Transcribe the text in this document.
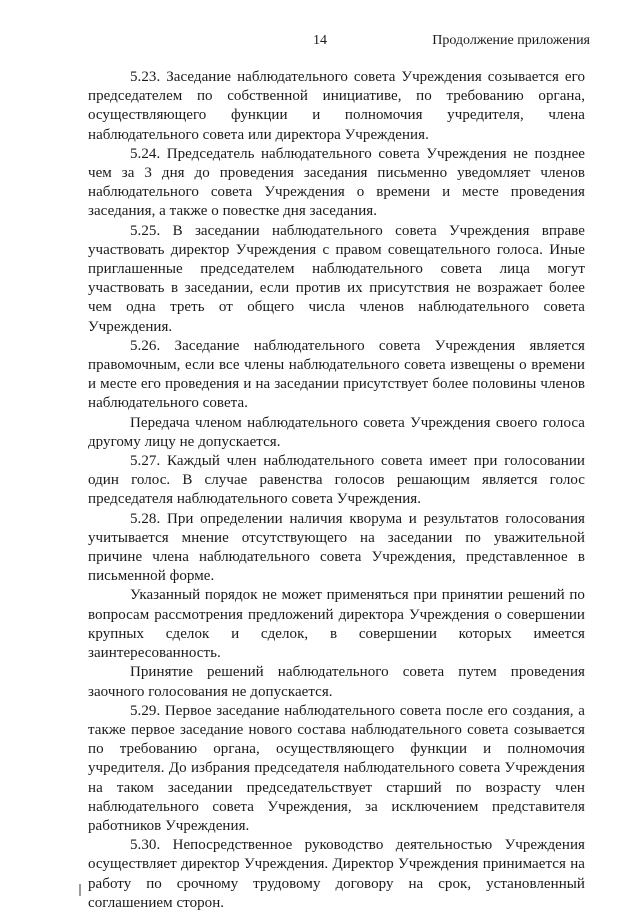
14	Продолжение приложения

5.23. Заседание наблюдательного совета Учреждения созывается его председателем по собственной инициативе, по требованию органа, осуществляющего функции и полномочия учредителя, члена наблюдательного совета или директора Учреждения.

5.24. Председатель наблюдательного совета Учреждения не позднее чем за 3 дня до проведения заседания письменно уведомляет членов наблюдательного совета Учреждения о времени и месте проведения заседания, а также о повестке дня заседания.

5.25. В заседании наблюдательного совета Учреждения вправе участвовать директор Учреждения с правом совещательного голоса. Иные приглашенные председателем наблюдательного совета лица могут участвовать в заседании, если против их присутствия не возражает более чем одна треть от общего числа членов наблюдательного совета Учреждения.

5.26. Заседание наблюдательного совета Учреждения является правомочным, если все члены наблюдательного совета извещены о времени и месте его проведения и на заседании присутствует более половины членов наблюдательного совета.

Передача членом наблюдательного совета Учреждения своего голоса другому лицу не допускается.

5.27. Каждый член наблюдательного совета имеет при голосовании один голос. В случае равенства голосов решающим является голос председателя наблюдательного совета Учреждения.

5.28. При определении наличия кворума и результатов голосования учитывается мнение отсутствующего на заседании по уважительной причине члена наблюдательного совета Учреждения, представленное в письменной форме.

Указанный порядок не может применяться при принятии решений по вопросам рассмотрения предложений директора Учреждения о совершении крупных сделок и сделок, в совершении которых имеется заинтересованность.

Принятие решений наблюдательного совета путем проведения заочного голосования не допускается.

5.29. Первое заседание наблюдательного совета после его создания, а также первое заседание нового состава наблюдательного совета созывается по требованию органа, осуществляющего функции и полномочия учредителя. До избрания председателя наблюдательного совета Учреждения на таком заседании председательствует старший по возрасту член наблюдательного совета Учреждения, за исключением представителя работников Учреждения.

5.30. Непосредственное руководство деятельностью Учреждения осуществляет директор Учреждения. Директор Учреждения принимается на работу по срочному трудовому договору на срок, установленный соглашением сторон.
